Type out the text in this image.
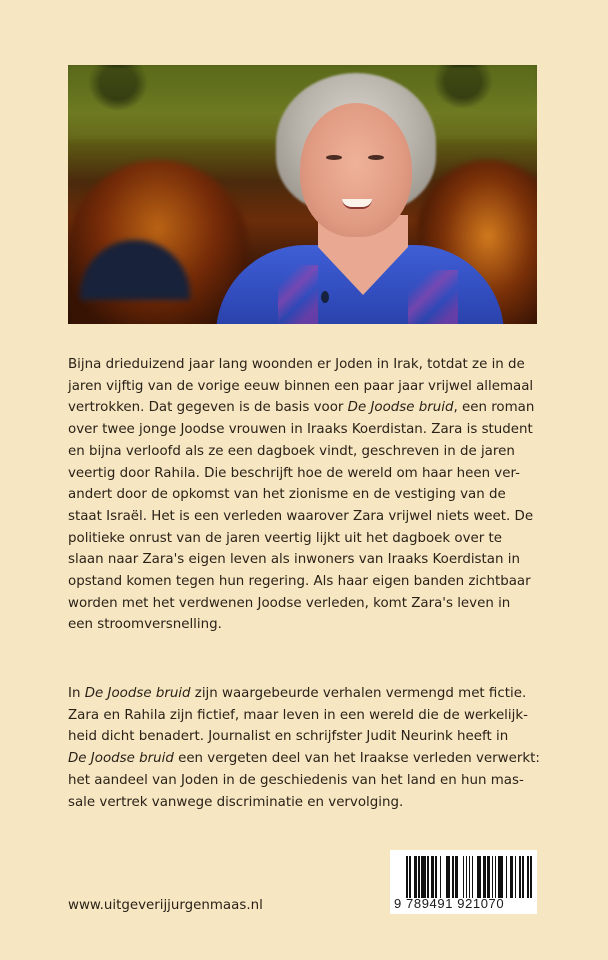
Bijna drieduizend jaar lang woonden er Joden in Irak, totdat ze in de
jaren vijftig van de vorige eeuw binnen een paar jaar vrijwel allemaal
vertrokken. Dat gegeven is de basis voor De Joodse bruid, een roman
over twee jonge Joodse vrouwen in Iraaks Koerdistan. Zara is student
en bijna verloofd als ze een dagboek vindt, geschreven in de jaren
veertig door Rahila. Die beschrijft hoe de wereld om haar heen ver-
andert door de opkomst van het zionisme en de vestiging van de
staat Israël. Het is een verleden waarover Zara vrijwel niets weet. De
politieke onrust van de jaren veertig lijkt uit het dagboek over te
slaan naar Zara's eigen leven als inwoners van Iraaks Koerdistan in
opstand komen tegen hun regering. Als haar eigen banden zichtbaar
worden met het verdwenen Joodse verleden, komt Zara's leven in
een stroomversnelling.

In De Joodse bruid zijn waargebeurde verhalen vermengd met fictie.
Zara en Rahila zijn fictief, maar leven in een wereld die de werkelijk-
heid dicht benadert. Journalist en schrijfster Judit Neurink heeft in
De Joodse bruid een vergeten deel van het Iraakse verleden verwerkt:
het aandeel van Joden in de geschiedenis van het land en hun mas-
sale vertrek vanwege discriminatie en vervolging.

www.uitgeverijjurgenmaas.nl	9 789491 921070
